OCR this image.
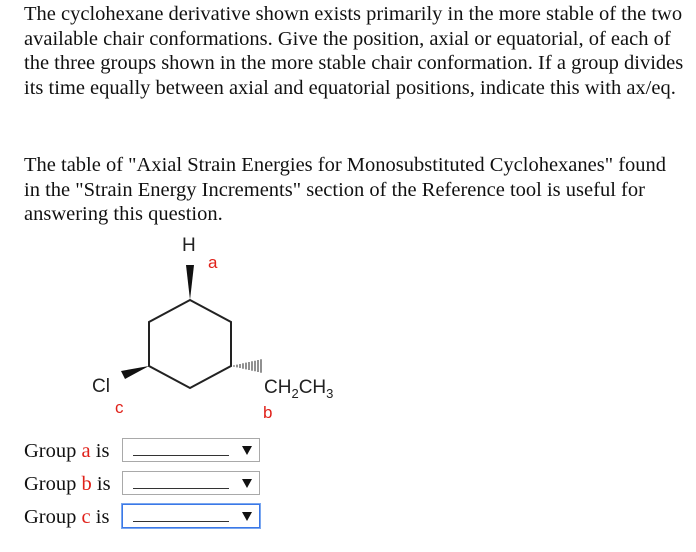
The cyclohexane derivative shown exists primarily in the more stable of the two available chair conformations. Give the position, axial or equatorial, of each of the three groups shown in the more stable chair conformation. If a group divides its time equally between axial and equatorial positions, indicate this with ax/eq.

The table of "Axial Strain Energies for Monosubstituted Cyclohexanes" found in the "Strain Energy Increments" section of the Reference tool is useful for answering this question.

H
Cl	$CH_2CH_3$
a
b
c
Group a is
Group b is
Group c is
